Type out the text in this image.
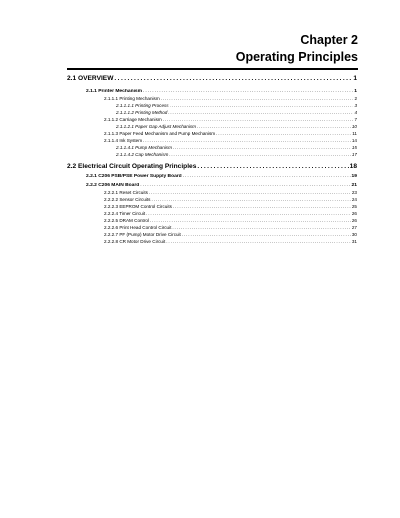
Chapter 2
Operating Principles
2.1 OVERVIEW . . .	1
2.1.1 Printer Mechanism . . .	1
2.1.1.1 Printing Mechanism . . .	2
2.1.1.1.1 Printing Process . . .	3
2.1.1.1.2 Printing Method . . .	4
2.1.1.2 Carriage Mechanism . . .	7
2.1.1.2.1 Paper Gap Adjust Mechanism . . .	10
2.1.1.3 Paper Feed Mechanism and Pump Mechanism . . .	11
2.1.1.4 Ink System . . .	14
2.1.1.4.1 Pump Mechanism . . .	15
2.1.1.4.2 Cap Mechanism . . .	17
2.2 Electrical Circuit Operating Principles . . .	18
2.2.1 C206 PSB/PSE Power Supply Board . . .	19
2.2.2 C206 MAIN Board . . .	21
2.2.2.1 Reset Circuits . . .	23
2.2.2.2 Sensor Circuits . . .	24
2.2.2.3 EEPROM Control Circuits . . .	25
2.2.2.4 Timer Circuit . . .	26
2.2.2.5 DRAM Control . . .	26
2.2.2.6 Print Head Control Circuit . . .	27
2.2.2.7 PF (Pump) Motor Drive Circuit . . .	30
2.2.2.8 CR Motor Drive Circuit . . .	31
